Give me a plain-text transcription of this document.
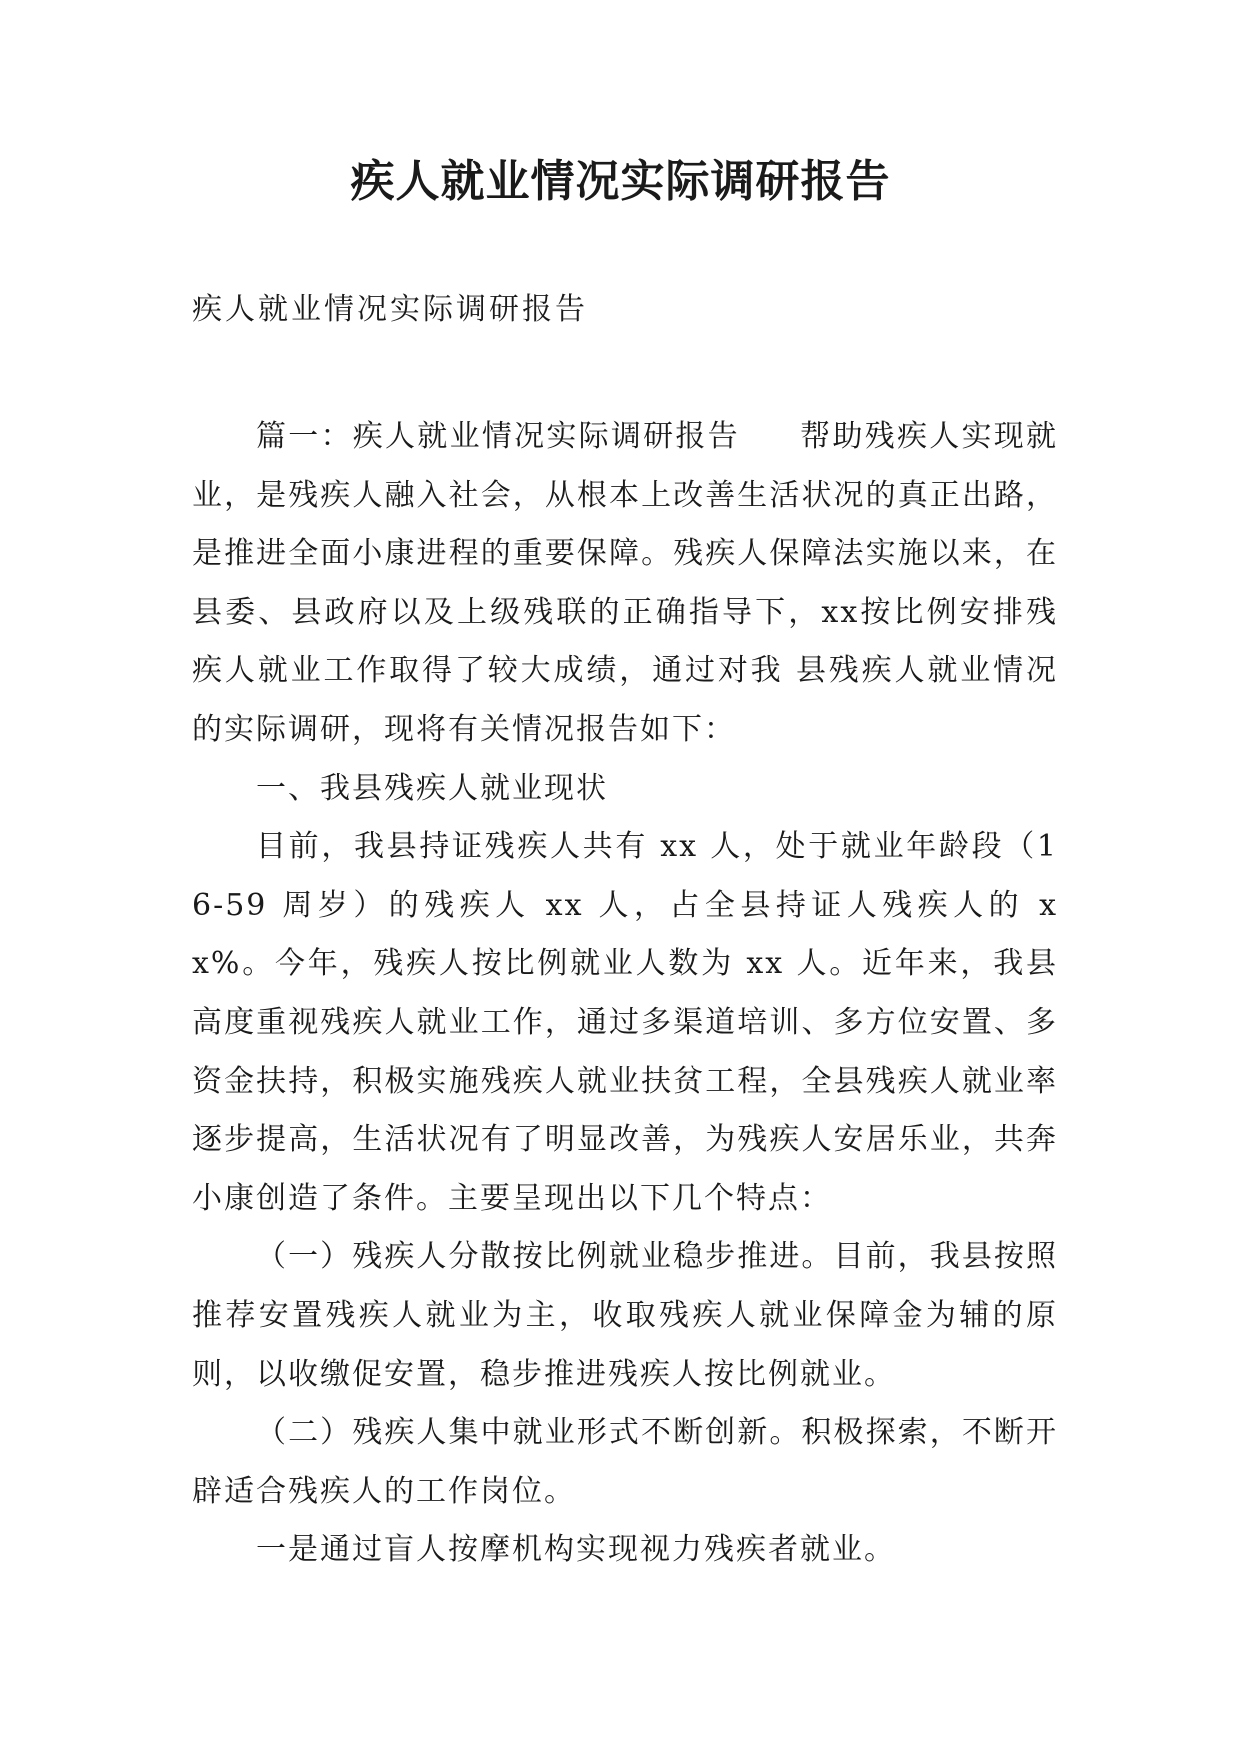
疾人就业情况实际调研报告
疾人就业情况实际调研报告

篇一：疾人就业情况实际调研报告 帮助残疾人实现就业，是残疾人融入社会，从根本上改善生活状况的真正出路，是推进全面小康进程的重要保障。残疾人保障法实施以来，在县委、县政府以及上级残联的正确指导下，xx按比例安排残疾人就业工作取得了较大成绩，通过对我 县残疾人就业情况的实际调研，现将有关情况报告如下：

一、我县残疾人就业现状

目前，我县持证残疾人共有 xx 人，处于就业年龄段（16-59 周岁）的残疾人 xx 人，占全县持证人残疾人的 xx%。今年，残疾人按比例就业人数为 xx 人。近年来，我县高度重视残疾人就业工作，通过多渠道培训、多方位安置、多资金扶持，积极实施残疾人就业扶贫工程，全县残疾人就业率逐步提高，生活状况有了明显改善，为残疾人安居乐业，共奔小康创造了条件。主要呈现出以下几个特点：

（一）残疾人分散按比例就业稳步推进。目前，我县按照推荐安置残疾人就业为主，收取残疾人就业保障金为辅的原则，以收缴促安置，稳步推进残疾人按比例就业。

（二）残疾人集中就业形式不断创新。积极探索，不断开辟适合残疾人的工作岗位。

一是通过盲人按摩机构实现视力残疾者就业。
